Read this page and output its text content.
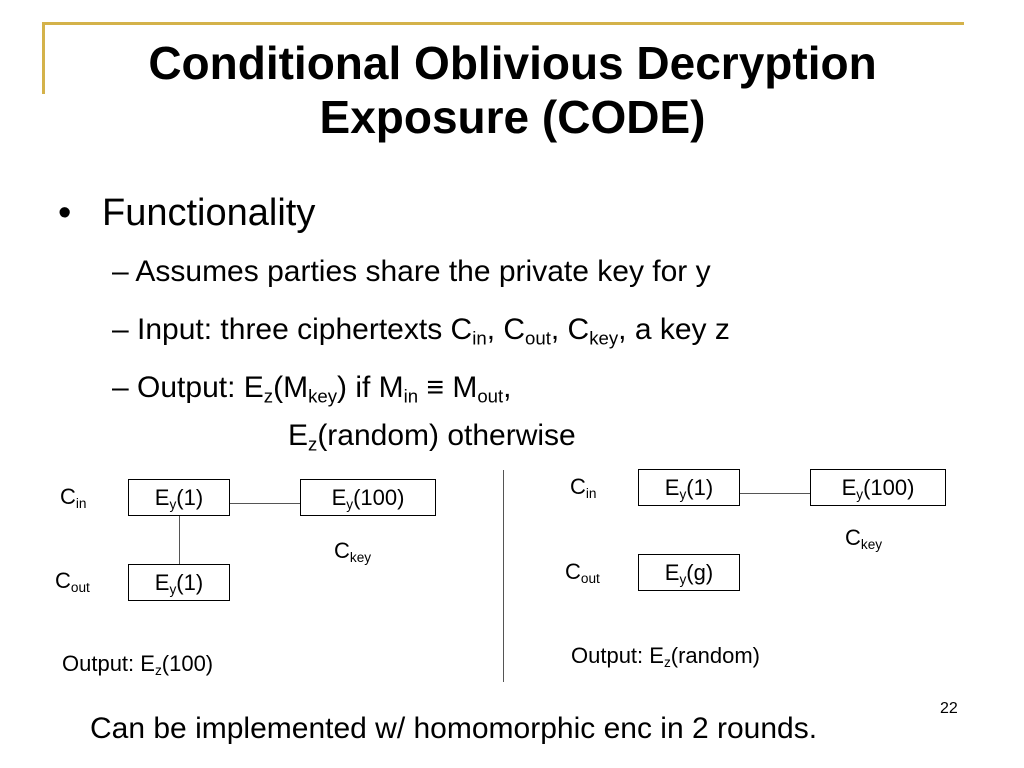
Conditional Oblivious Decryption
Exposure (CODE)
• Functionality
– Assumes parties share the private key for y
– Input: three ciphertexts $C_{in}$, $C_{out}$, $C_{key}$, a key z
– Output: $E_z(M_{key})$ if $M_{in} \equiv M_{out}$,
$E_z(random)$ otherwise
$C_{in}$	$E_y(1)$	$E_y(100)$
$C_{key}$
$C_{out}$	$E_y(1)$
Output: $E_z(100)$
$C_{in}$	$E_y(1)$	$E_y(100)$
$C_{key}$
$C_{out}$	$E_y(g)$
Output: $E_z(random)$
Can be implemented w/ homomorphic enc in 2 rounds.
22
